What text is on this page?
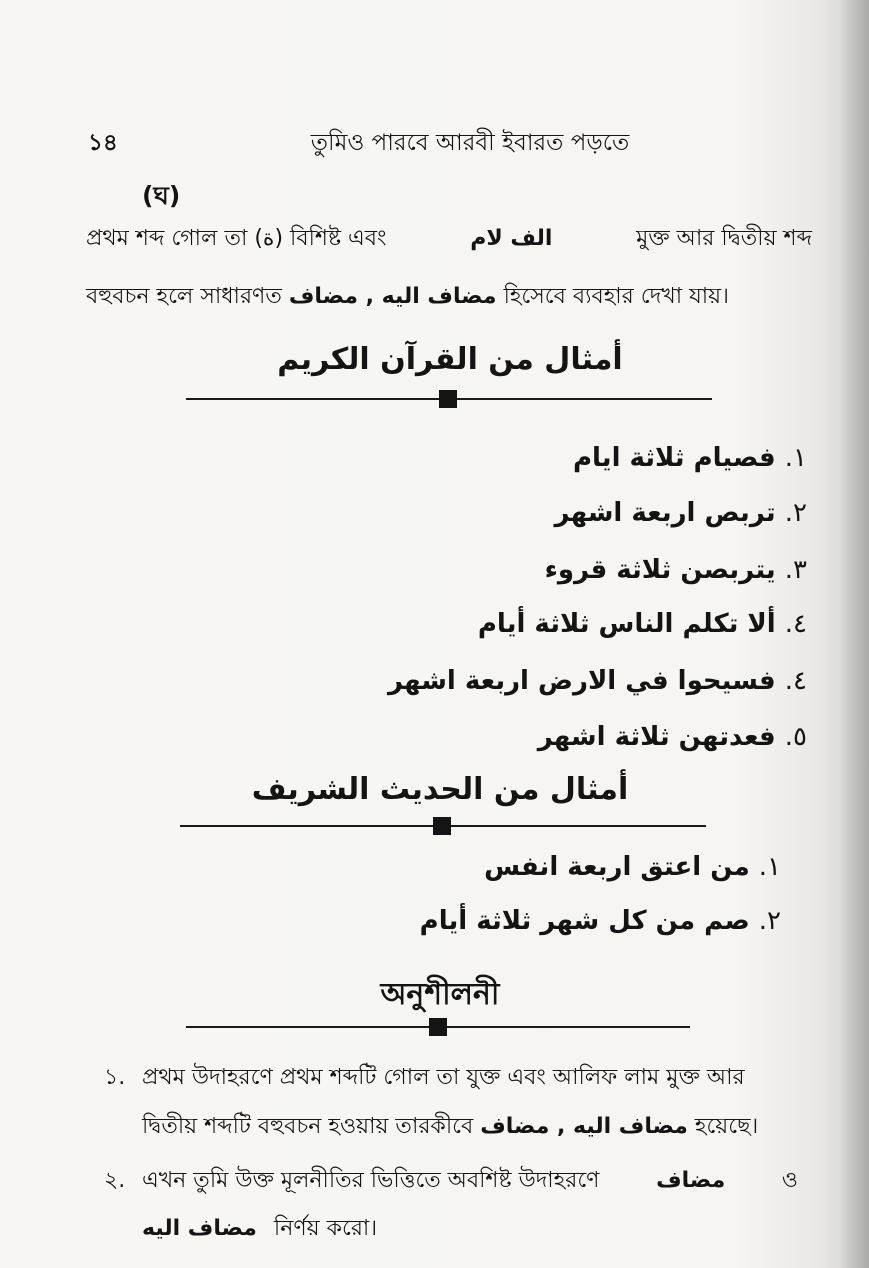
১৪	তুমিও পারবে আরবী ইবারত পড়তে
(ঘ)
প্রথম শব্দ গোল তা (ة) বিশিষ্ট এবং	الف لام	মুক্ত আর দ্বিতীয় শব্দ
বহুবচন হলে সাধারণত مضاف اليه , مضاف হিসেবে ব্যবহার দেখা যায়।
أمثال من القرآن الكريم
١. فصيام ثلاثة ايام
٢. تربص اربعة اشهر
٣. يتربصن ثلاثة قروء
٤. ألا تكلم الناس ثلاثة أيام
٤. فسيحوا في الارض اربعة اشهر
٥. فعدتهن ثلاثة اشهر
أمثال من الحديث الشريف
١. من اعتق اربعة انفس
٢. صم من كل شهر ثلاثة أيام
অনুশীলনী
১. প্রথম উদাহরণে প্রথম শব্দটি গোল তা যুক্ত এবং আলিফ লাম মুক্ত আর
দ্বিতীয় শব্দটি বহুবচন হওয়ায় তারকীবে مضاف اليه , مضاف হয়েছে।
২. এখন তুমি উক্ত মূলনীতির ভিত্তিতে অবশিষ্ট উদাহরণে	مضاف	ও
مضاف اليه নির্ণয় করো।
